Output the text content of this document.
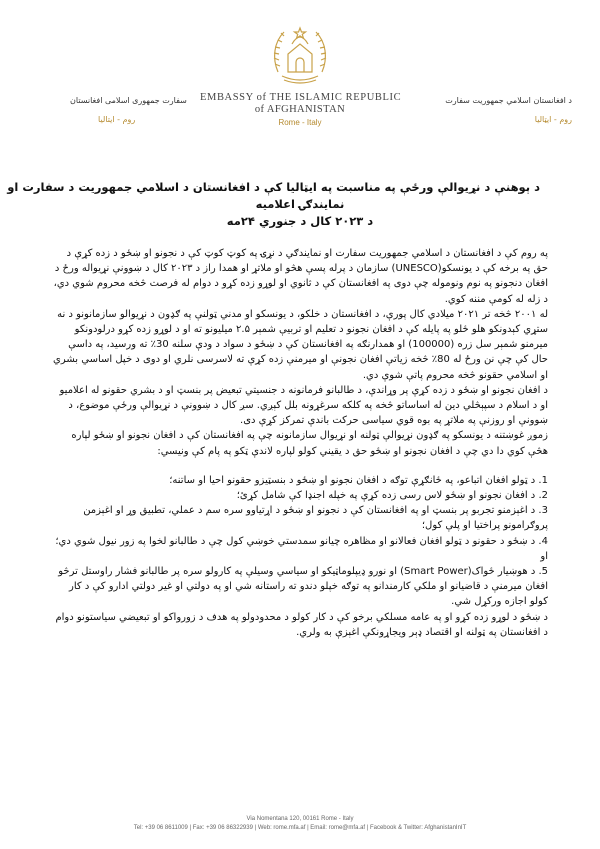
د افغانستان اسلامي جمهوریت سفارت
روم - ایټالیا
EMBASSY of THE ISLAMIC REPUBLIC
of AFGHANISTAN
Rome - Italy
سفارت جمهوری اسلامی افغانستان
روم - ایتالیا
د ېوهنې د نړیوالې ورځې په مناسبت په ایټالیا کې د افغانستان د اسلامي جمهوریت د سفارت او
نمایندګۍ اعلامیه
د ۲۰۲۳ کال د جنوري ۲۴مه

په روم کې د افغانستان د اسلامي جمهوریت سفارت او نمایندګي د نړۍ په کوټ کوټ کې د نجونو او ښځو د زده کړې د حق په برخه کې د یونسکو(UNESCO) سازمان د پرله پسې هڅو او ملاتړ او همدا راز د ۲۰۲۳ کال د ښوونې نړیواله ورځ د افغان دنجونو په نوم ونوموله چې دوی په افغانستان کې د ثانوي او لوړو زده کړو د دوام له فرصت څخه محروم شوي دي، د زله له کومې مننه کوي.

له ۲۰۰۱ څخه تر ۲۰۲۱ میلادي کال پورې، د افغانستان د خلکو، د یونسکو او مدني ټولنې په ګډون د نړیوالو سازمانونو د نه ستړي کېدونکو هلو ځلو په پایله کې د افغان نجونو د تعلیم او تربیې شمېر ۲.۵ میلیونو ته او د لوړو زده کړو درلودونکو میرمنو شمېر سل زره (100000) او همدارنګه په افغانستان کې د ښځو د سواد د ودې سلنه 30٪ ته ورسید، په داسې حال کې چې نن ورځ له 80٪ څخه زیاتې افغان نجونې او میرمنې زده کړې ته لاسرسی نلري او دوی د خپل اساسي بشري او اسلامي حقونو څخه محروم پاتې شوې دي.

د افغان نجونو او ښځو د زده کړې پر وړاندې، د طالبانو فرمانونه د جنسیتي تبعیض پر بنسټ او د بشري حقونو له اعلامیو او د اسلام د سپېڅلي دین له اساساتو څخه په کلکه سرغړونه بلل کېږي. سږ کال د ښوونې د نړیوالې ورځې موضوع، د ښوونې او روزنې په ملاتړ په بوه قوي سیاسی حرکت باندې تمرکز کړې دی.

زموږ غوښتنه د یونسکو په ګډون نړیوالې ټولنه او نړیوال سازمانونه چې په افغانستان کې د افغان نجونو او ښځو لپاره هڅې کوي دا دي چې د افغان نجونو او ښځو حق د یقیني کولو لپاره لاندې ټکو په پام کې ونیسي:

1. د ټولو افغان اتباعو، په ځانګړې توګه د افغان نجونو او ښځو د بنسټیزو حقونو احیا او ساتنه؛

2. د افغان نجونو او ښځو لاس رسی زده کړې په خپله اجنډا کې شامل کړئ؛

3. د اغېزمنو تجربو پر بنسټ او په افغانستان کې د نجونو او ښځو د اړتیاوو سره سم د عملي، تطبیق وړ او اغېزمن پروګرامونو پراختیا او پلې کول؛

4. د ښځو د حقونو د ټولو افغان فعالانو او مظاهره چیانو سمدستي خوښي کول چې د طالبانو لخوا په زور نیول شوي دي؛ او

5. د هوښیار ځواک(Smart Power) او نورو ډیپلوماټیکو او سیاسي وسیلې په کارولو سره پر طالبانو فشار راوستل ترڅو افغان میرمنې د قاضیانو او ملکي کارمندانو په توګه خپلو دندو ته راستانه شي او په دولتي او غیر دولتي ادارو کې د کار کولو اجازه ورکړل شي.

د ښځو د لوړو زده کړو او په عامه مسلکي برخو کې د کار کولو د محدودولو په هدف د زورواکو او تبعیضي سیاستونو دوام د افغانستان په ټولنه او اقتصاد ډېر ویجاړونکې اغېزې به ولري.

Via Nomentana 120, 00161 Rome - Italy
Tel: +39 06 8611009 | Fax: +39 06 86322939 | Web: rome.mfa.af | Email: rome@mfa.af | Facebook & Twitter: AfghanistanInIT
